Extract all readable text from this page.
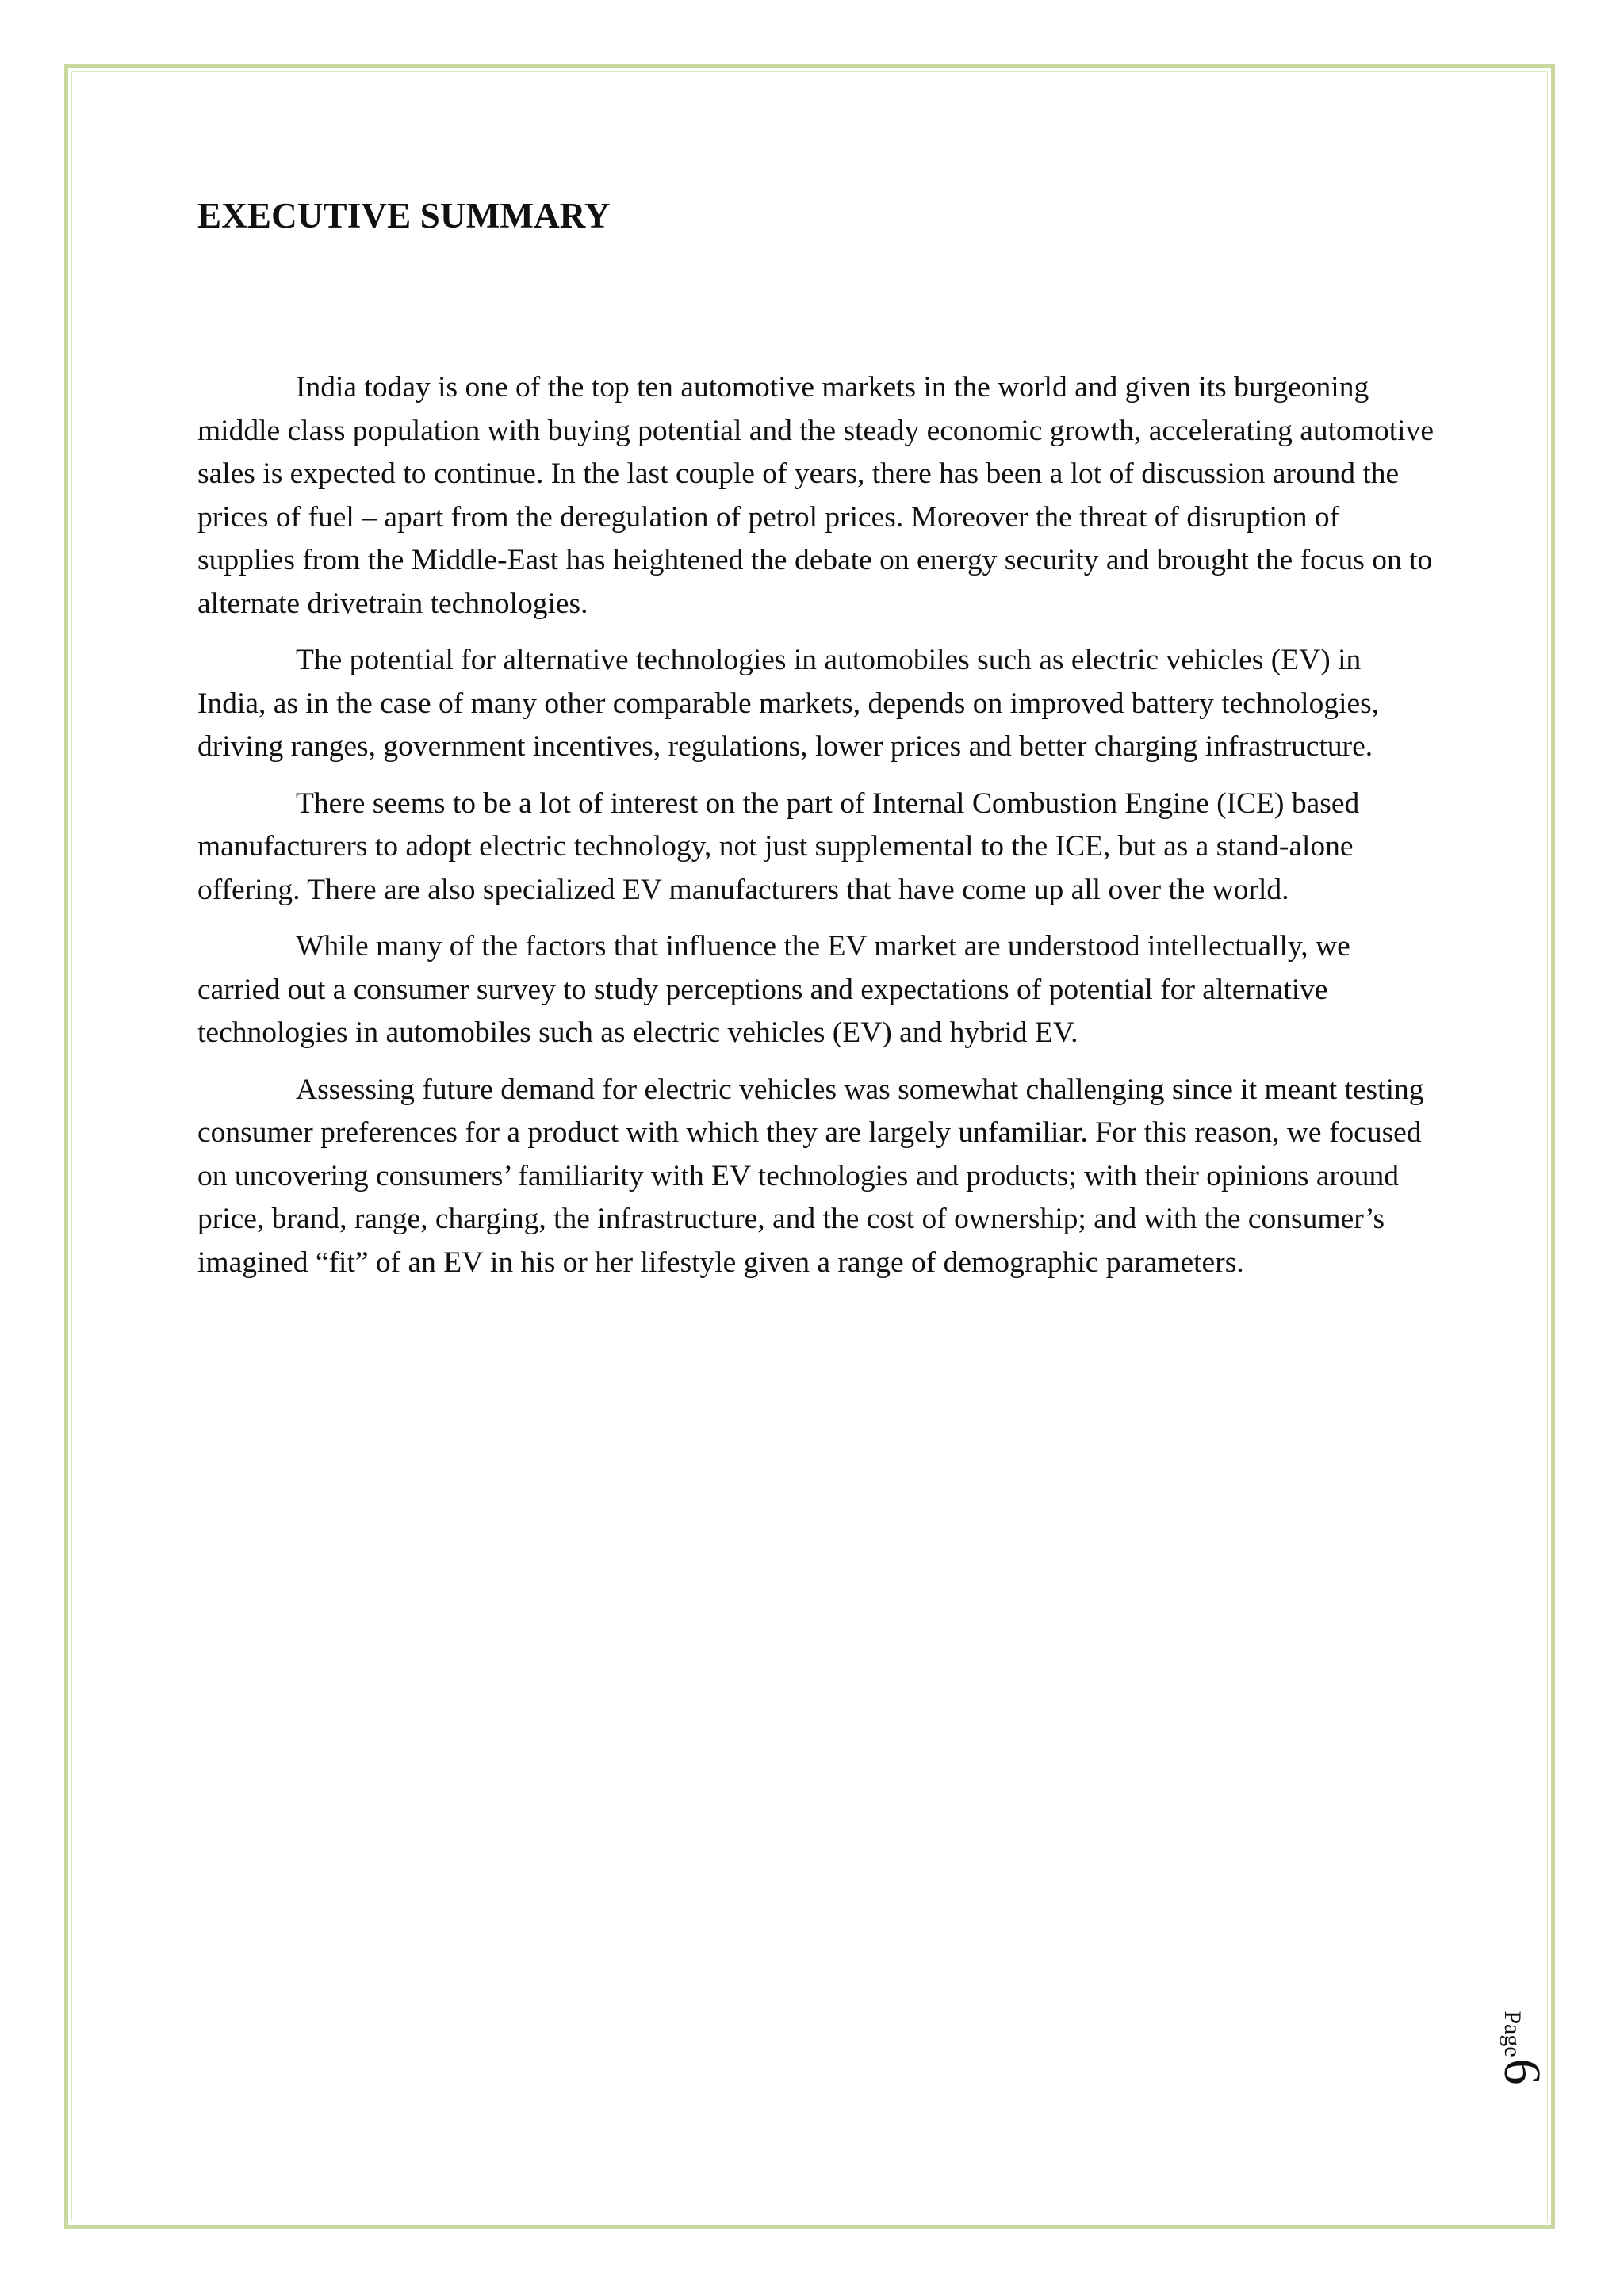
EXECUTIVE SUMMARY

India today is one of the top ten automotive markets in the world and given its burgeoning middle class population with buying potential and the steady economic growth, accelerating automotive sales is expected to continue. In the last couple of years, there has been a lot of discussion around the prices of fuel – apart from the deregulation of petrol prices. Moreover the threat of disruption of supplies from the Middle-East has heightened the debate on energy security and brought the focus on to alternate drivetrain technologies.

The potential for alternative technologies in automobiles such as electric vehicles (EV) in India, as in the case of many other comparable markets, depends on improved battery technologies, driving ranges, government incentives, regulations, lower prices and better charging infrastructure.

There seems to be a lot of interest on the part of Internal Combustion Engine (ICE) based manufacturers to adopt electric technology, not just supplemental to the ICE, but as a stand-alone offering. There are also specialized EV manufacturers that have come up all over the world.

While many of the factors that influence the EV market are understood intellectually, we carried out a consumer survey to study perceptions and expectations of potential for alternative technologies in automobiles such as electric vehicles (EV) and hybrid EV.

Assessing future demand for electric vehicles was somewhat challenging since it meant testing consumer preferences for a product with which they are largely unfamiliar. For this reason, we focused on uncovering consumers’ familiarity with EV technologies and products; with their opinions around price, brand, range, charging, the infrastructure, and the cost of ownership; and with the consumer’s imagined “fit” of an EV in his or her lifestyle given a range of demographic parameters.

Page
6
